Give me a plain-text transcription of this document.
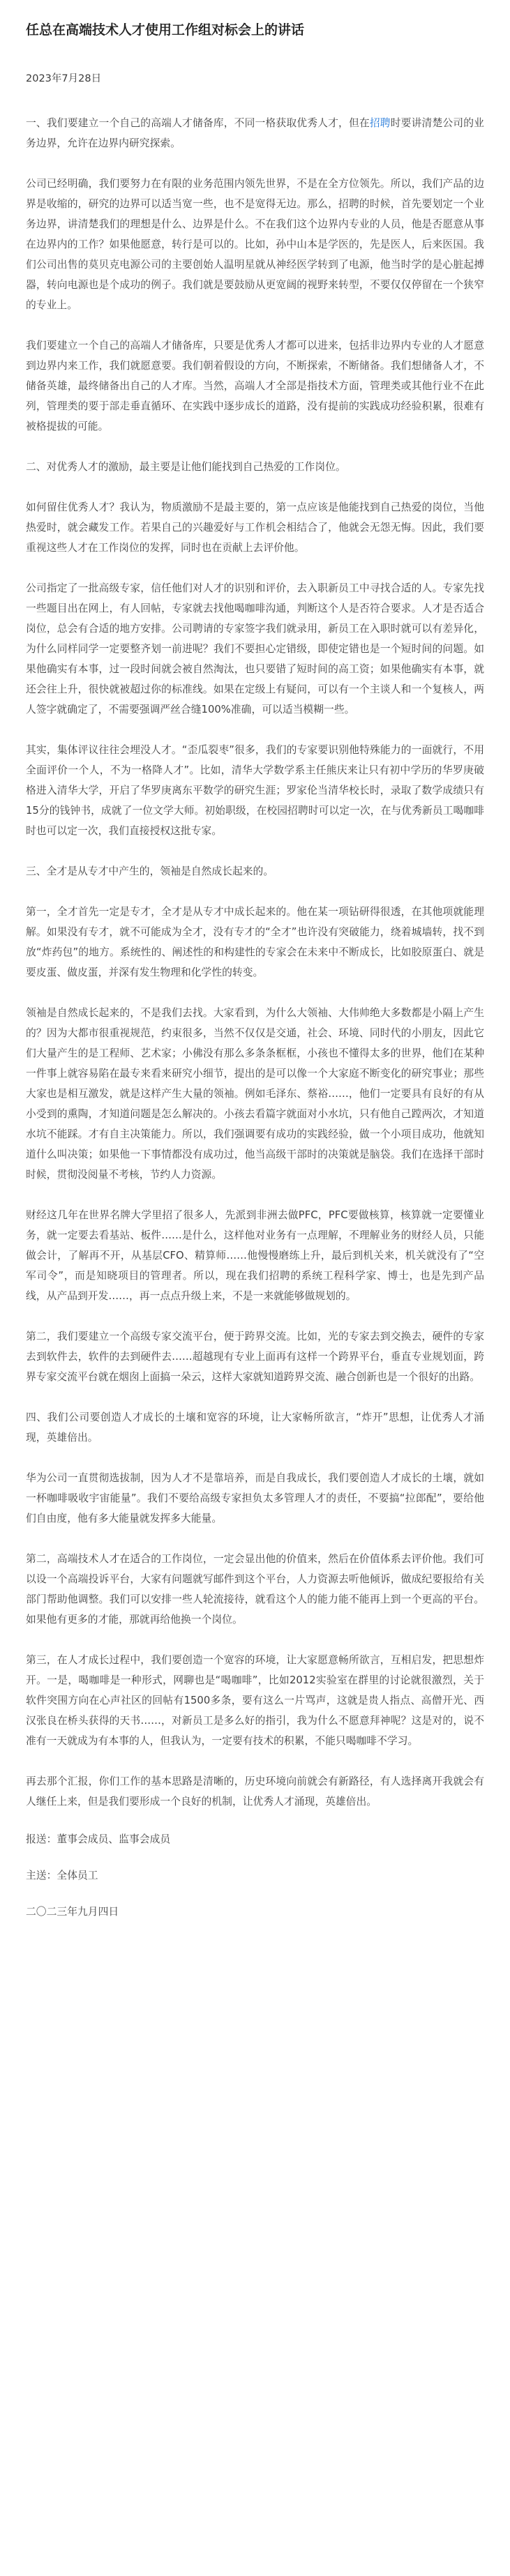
任总在高端技术人才使用工作组对标会上的讲话
2023年7月28日
一、我们要建立一个自己的高端人才储备库，不同一格获取优秀人才，但在招聘时要讲清楚公司的业务边界，允许在边界内研究探索。
公司已经明确，我们要努力在有限的业务范围内领先世界，不是在全方位领先。所以，我们产品的边界是收缩的，研究的边界可以适当宽一些，也不是宽得无边。那么，招聘的时候，首先要划定一个业务边界，讲清楚我们的理想是什么、边界是什么。不在我们这个边界内专业的人员，他是否愿意从事在边界内的工作？如果他愿意，转行是可以的。比如，孙中山本是学医的，先是医人，后来医国。我们公司出售的莫贝克电源公司的主要创始人温明星就从神经医学转到了电源，他当时学的是心脏起搏器，转向电源也是个成功的例子。我们就是要鼓励从更宽阔的视野来转型，不要仅仅停留在一个狭窄的专业上。
我们要建立一个自己的高端人才储备库，只要是优秀人才都可以进来，包括非边界内专业的人才愿意到边界内来工作，我们就愿意要。我们朝着假设的方向，不断探索，不断储备。我们想储备人才，不储备英雄，最终储备出自己的人才库。当然，高端人才全部是指技术方面，管理类或其他行业不在此列，管理类的要于部走垂直循环、在实践中逐步成长的道路，没有提前的实践成功经验积累，很难有被格提拔的可能。
二、对优秀人才的激励，最主要是让他们能找到自己热爱的工作岗位。
如何留住优秀人才？我认为，物质激励不是最主要的，第一点应该是他能找到自己热爱的岗位，当他热爱时，就会藏发工作。若果自己的兴趣爱好与工作机会相结合了，他就会无怨无悔。因此，我们要重视这些人才在工作岗位的发挥，同时也在贡献上去评价他。
公司指定了一批高级专家，信任他们对人才的识别和评价，去入职新员工中寻找合适的人。专家先找一些题目出在网上，有人回帖，专家就去找他喝咖啡沟通，判断这个人是否符合要求。人才是否适合岗位，总会有合适的地方安排。公司聘请的专家签字我们就录用，新员工在入职时就可以有差异化，为什么同样同学一定要整齐划一前进呢？我们不要担心定错级，即使定错也是一个短时间的问题。如果他确实有本事，过一段时间就会被自然淘汰，也只要错了短时间的高工资；如果他确实有本事，就还会往上升，很快就被超过你的标准线。如果在定级上有疑问，可以有一个主谈人和一个复核人，两人签字就确定了，不需要强调严丝合缝100%准确，可以适当模糊一些。
其实，集体评议往往会埋没人才。“歪瓜裂枣”很多，我们的专家要识别他特殊能力的一面就行，不用全面评价一个人，不为一格降人才”。比如，清华大学数学系主任熊庆来让只有初中学历的华罗庚破格进入清华大学，开启了华罗庚离东平数学的研究生涯；罗家伦当清华校长时，录取了数学成绩只有15分的钱钟书，成就了一位文学大师。初始职级，在校园招聘时可以定一次，在与优秀新员工喝咖啡时也可以定一次，我们直接授权这批专家。
三、全才是从专才中产生的，领袖是自然成长起来的。
第一，全才首先一定是专才，全才是从专才中成长起来的。他在某一项钻研得很透，在其他项就能理解。如果没有专才，就不可能成为全才，没有专才的“全才”也许没有突破能力，绕着城墙转，找不到放“炸药包”的地方。系统性的、阐述性的和构建性的专家会在未来中不断成长，比如胶原蛋白、就是要皮蛋、做皮蛋，并深有发生物理和化学性的转变。
领袖是自然成长起来的，不是我们去找。大家看到，为什么大领袖、大伟帅绝大多数都是小隔上产生的？因为大都市很重视规范，约束很多，当然不仅仅是交通，社会、环境、同时代的小朋友，因此它们大量产生的是工程师、艺术家；小佛没有那么多条条框框，小孩也不懂得太多的世界，他们在某种一件事上就容易陷在最专来看来研究小细节，提出的是可以像一个大家庭不断变化的研究事业；那些大家也是相互激发，就是这样产生大量的领袖。例如毛泽东、蔡裕……，他们一定要具有良好的有从小受到的熏陶，才知道问题是怎么解决的。小孩去看篇字就面对小水坑，只有他自己蹚两次，才知道水坑不能踩。才有自主决策能力。所以，我们强调要有成功的实践经验，做一个小项目成功，他就知道什么叫决策；如果他一下事情都没有成功过，他当高级干部时的决策就是脑袋。我们在选择干部时时候，贯彻没阅量不考核，节约人力资源。
财经这几年在世界名牌大学里招了很多人，先派到非洲去做PFC，PFC要做核算，核算就一定要懂业务，就一定要去看基站、板件……是什么，这样他对业务有一点理解，不理解业务的财经人员，只能做会计，了解再不开，从基层CFO、精算师……他慢慢磨练上升，最后到机关来，机关就没有了“空军司令”，而是知晓项目的管理者。所以，现在我们招聘的系统工程科学家、博士，也是先到产品线，从产品到开发……，再一点点升级上来，不是一来就能够做规划的。
第二，我们要建立一个高级专家交流平台，便于跨界交流。比如，光的专家去到交换去，硬件的专家去到软件去，软件的去到硬件去……超越现有专业上面再有这样一个跨界平台，垂直专业规划面，跨界专家交流平台就在烟囱上面搞一朵云，这样大家就知道跨界交流、融合创新也是一个很好的出路。
四、我们公司要创造人才成长的土壤和宽容的环境，让大家畅所欲言，“炸开”思想，让优秀人才涌现，英雄倍出。
华为公司一直贯彻选拔制，因为人才不是靠培养，而是自我成长，我们要创造人才成长的土壤，就如一杯咖啡吸收宇宙能量”。我们不要给高级专家担负太多管理人才的责任，不要搞“拉郎配”，要给他们自由度，他有多大能量就发挥多大能量。
第二，高端技术人才在适合的工作岗位，一定会显出他的价值来，然后在价值体系去评价他。我们可以设一个高端投诉平台，大家有问题就写邮件到这个平台，人力资源去听他倾诉，做成纪要报给有关部门帮助他调整。我们可以安排一些人轮流接待，就看这个人的能力能不能再上到一个更高的平台。如果他有更多的才能，那就再给他换一个岗位。
第三，在人才成长过程中，我们要创造一个宽容的环境，让大家愿意畅所欲言，互相启发，把思想炸开。一是，喝咖啡是一种形式，网聊也是“喝咖啡”，比如2012实验室在群里的讨论就很激烈，关于软件突围方向在心声社区的回帖有1500多条，要有这么一片骂声，这就是贵人指点、高僧开光、西汉张良在桥头获得的天书……，对新员工是多么好的指引，我为什么不愿意拜神呢？这是对的，说不准有一天就成为有本事的人，但我认为，一定要有技术的积累，不能只喝咖啡不学习。
再去那个汇报，你们工作的基本思路是清晰的，历史环境向前就会有新路径，有人选择离开我就会有人继任上来，但是我们要形成一个良好的机制，让优秀人才涌现，英雄倍出。
报送：董事会成员、监事会成员
主送：全体员工
二〇二三年九月四日
